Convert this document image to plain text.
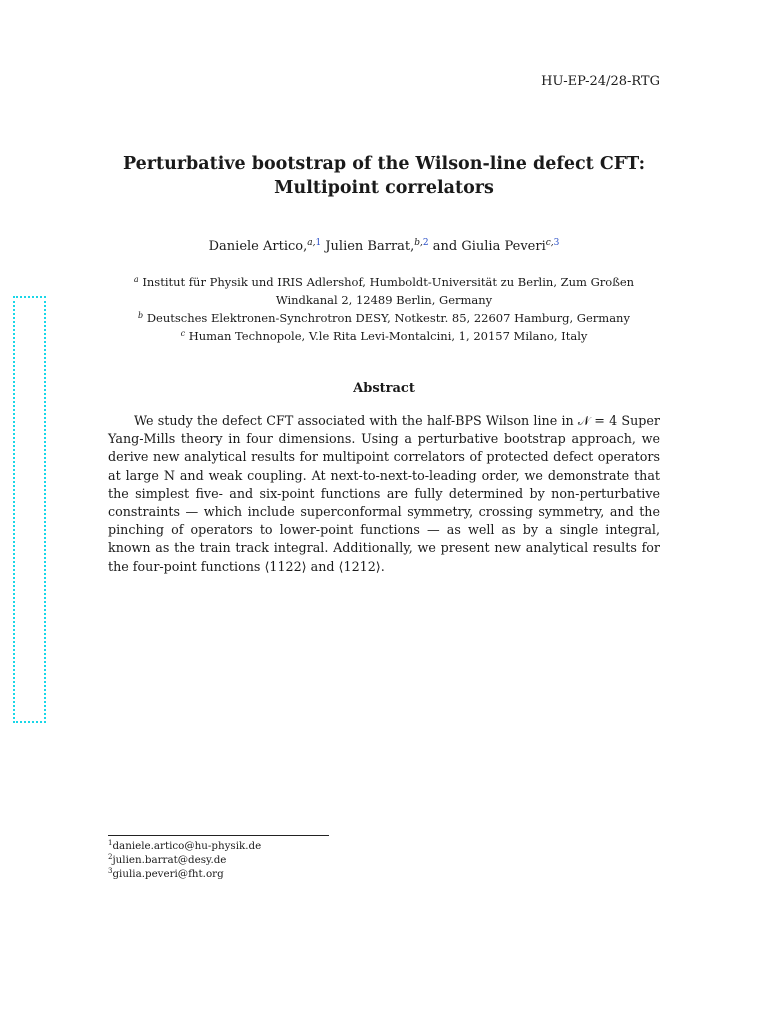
HU-EP-24/28-RTG
Perturbative bootstrap of the Wilson-line defect CFT:
Multipoint correlators
Daniele Artico,$^{a,1}$ Julien Barrat,$^{b,2}$ and Giulia Peveri$^{c,3}$
$^a$ Institut für Physik und IRIS Adlershof, Humboldt-Universität zu Berlin, Zum Großen
Windkanal 2, 12489 Berlin, Germany
$^b$ Deutsches Elektronen-Synchrotron DESY, Notkestr. 85, 22607 Hamburg, Germany
$^c$ Human Technopole, V.le Rita Levi-Montalcini, 1, 20157 Milano, Italy
Abstract
We study the defect CFT associated with the half-BPS Wilson line in 𝒩 = 4 Super Yang-Mills theory in four dimensions. Using a perturbative bootstrap approach, we derive new analytical results for multipoint correlators of protected defect operators at large N and weak coupling. At next-to-next-to-leading order, we demonstrate that the simplest five- and six-point functions are fully determined by non-perturbative constraints — which include superconformal symmetry, crossing symmetry, and the pinching of operators to lower-point functions — as well as by a single integral, known as the train track integral. Additionally, we present new analytical results for the four-point functions ⟨1122⟩ and ⟨1212⟩.
$^1$daniele.artico@hu-physik.de
$^2$julien.barrat@desy.de
$^3$giulia.peveri@fht.org
